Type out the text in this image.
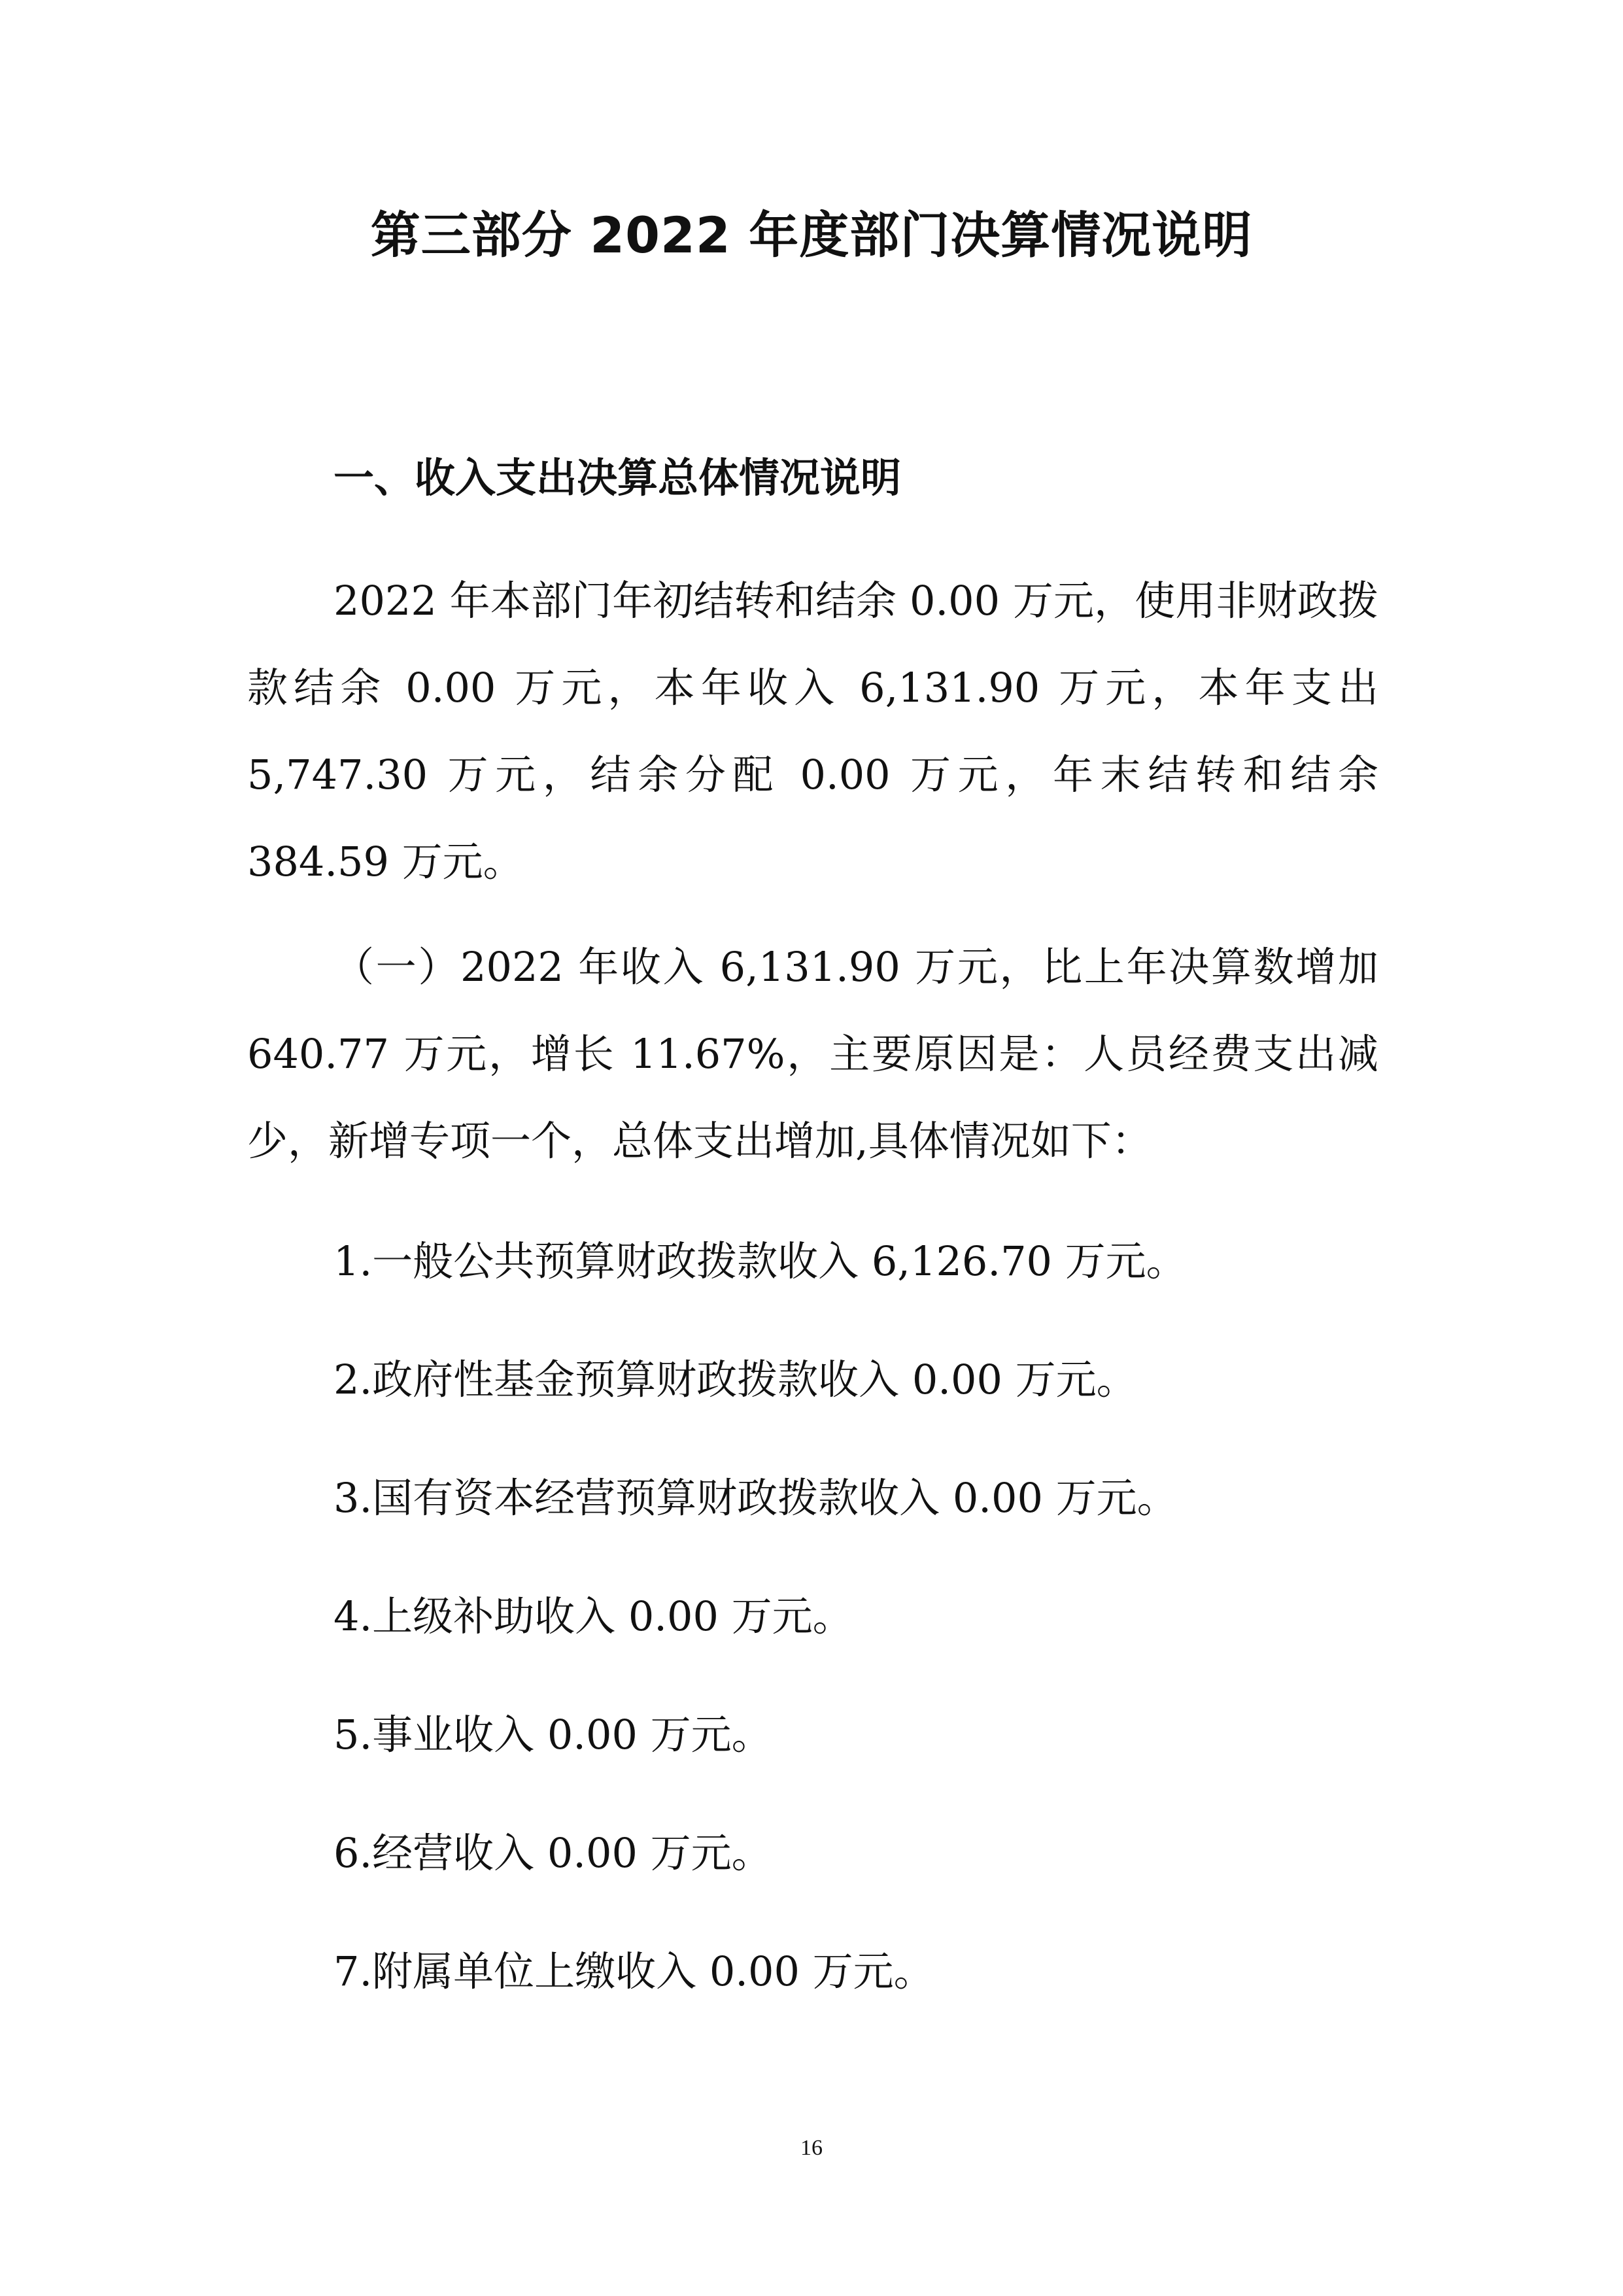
第三部分 2022 年度部门决算情况说明
一、收入支出决算总体情况说明

2022 年本部门年初结转和结余 0.00 万元，使用非财政拨款结余 0.00 万元，本年收入 6,131.90 万元，本年支出 5,747.30 万元，结余分配 0.00 万元，年末结转和结余 384.59 万元。

（一）2022 年收入 6,131.90 万元，比上年决算数增加 640.77 万元，增长 11.67%，主要原因是：人员经费支出减少，新增专项一个，总体支出增加,具体情况如下：

1.一般公共预算财政拨款收入 6,126.70 万元。

2.政府性基金预算财政拨款收入 0.00 万元。

3.国有资本经营预算财政拨款收入 0.00 万元。

4.上级补助收入 0.00 万元。

5.事业收入 0.00 万元。

6.经营收入 0.00 万元。

7.附属单位上缴收入 0.00 万元。

16
